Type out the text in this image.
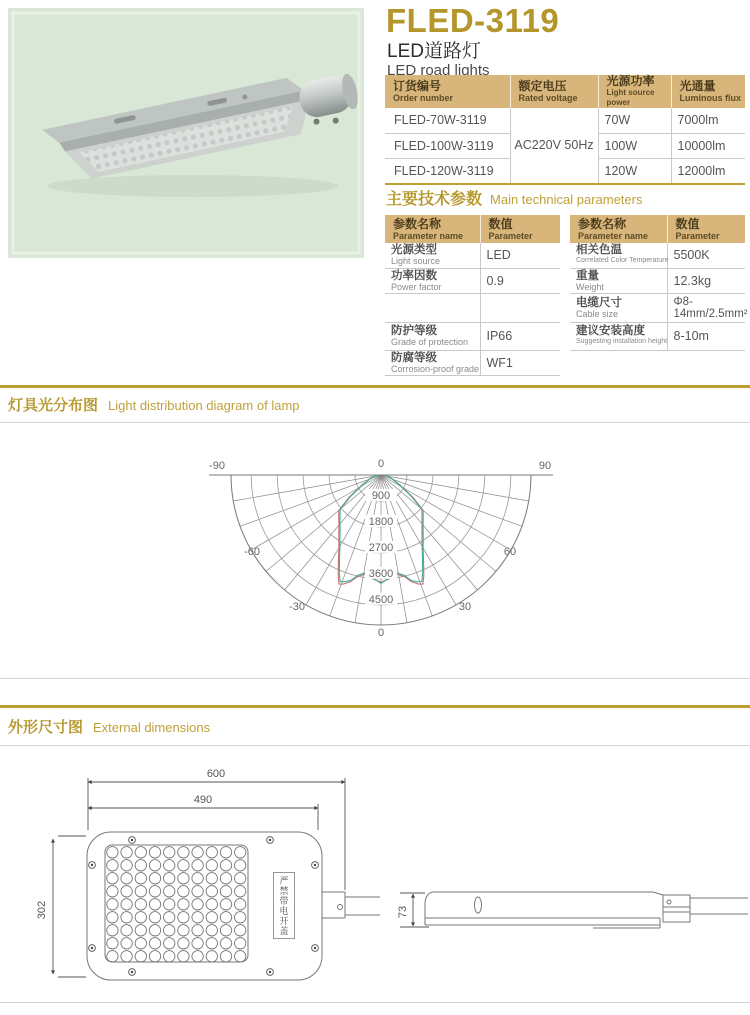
FLED-3119
LED道路灯
LED road lights
订货编号
Order number

额定电压
Rated voltage

光源功率
Light source power

光通量
Luminous flux

FLED-70W-3119	AC220V 50Hz	70W	7000lm
FLED-100W-3119		100W	10000lm
FLED-120W-3119		120W	12000lm
主要技术参数 Main technical parameters
参数名称
Parameter name

数值
Parameter

光源类型
Light source	LED

功率因数
Power factor	0.9

防护等级
Grade of protection	IP66

防腐等级
Corrosion-proof grade	WF1
参数名称
Parameter name

数值
Parameter

相关色温
Correlated Color Temperature	5500K

重量
Weight	12.3kg

电缆尺寸
Cable size	Φ8-14mm/2.5mm²

建议安装高度
Suggesting installation height	8-10m
灯具光分布图 Light distribution diagram of lamp
900
1800
2700
3600
4500
-90	0	90
-60	60
-30	30
0
外形尺寸图 External dimensions
600
490
302	严禁带电开盖	73
